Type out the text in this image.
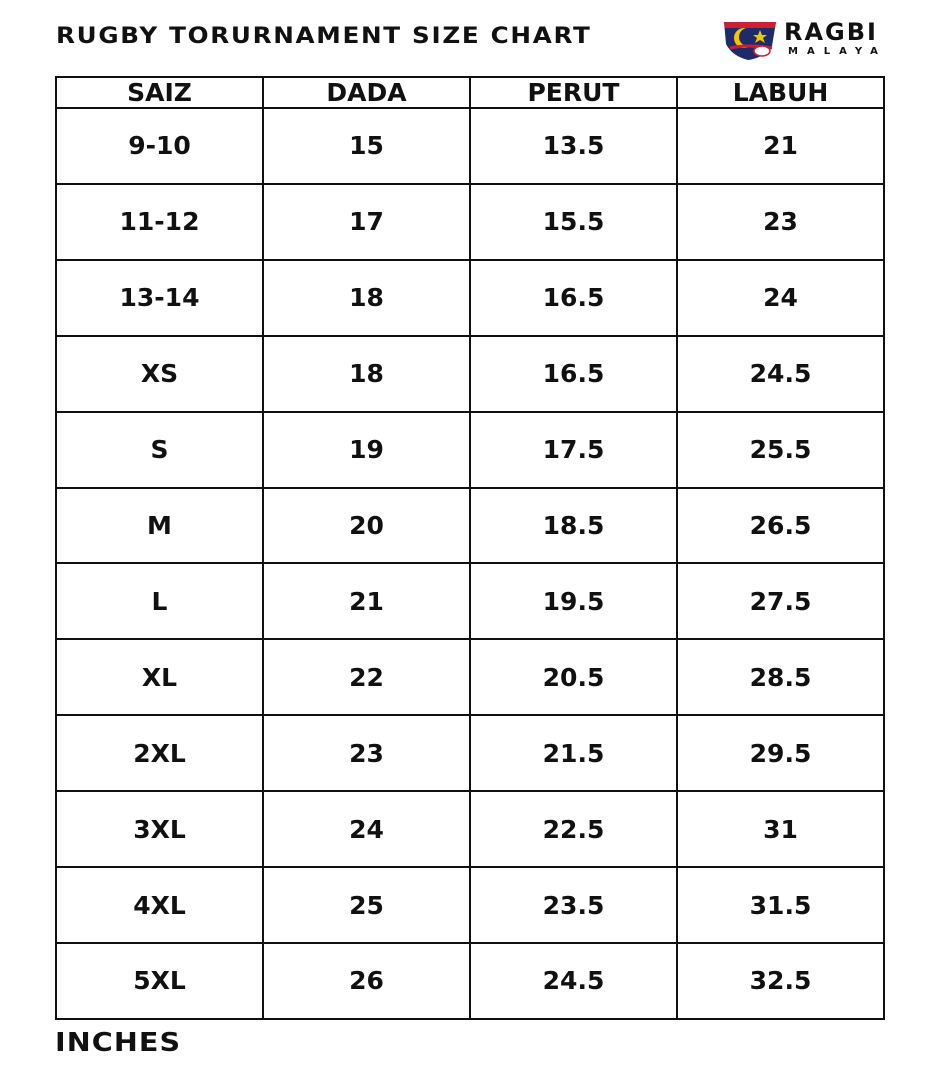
RUGBY TORURNAMENT SIZE CHART	RAGBI
MALAYA
SAIZ	DADA	PERUT	LABUH
9-10	15	13.5	21
11-12	17	15.5	23
13-14	18	16.5	24
XS	18	16.5	24.5
S	19	17.5	25.5
M	20	18.5	26.5
L	21	19.5	27.5
XL	22	20.5	28.5
2XL	23	21.5	29.5
3XL	24	22.5	31
4XL	25	23.5	31.5
5XL	26	24.5	32.5
INCHES
